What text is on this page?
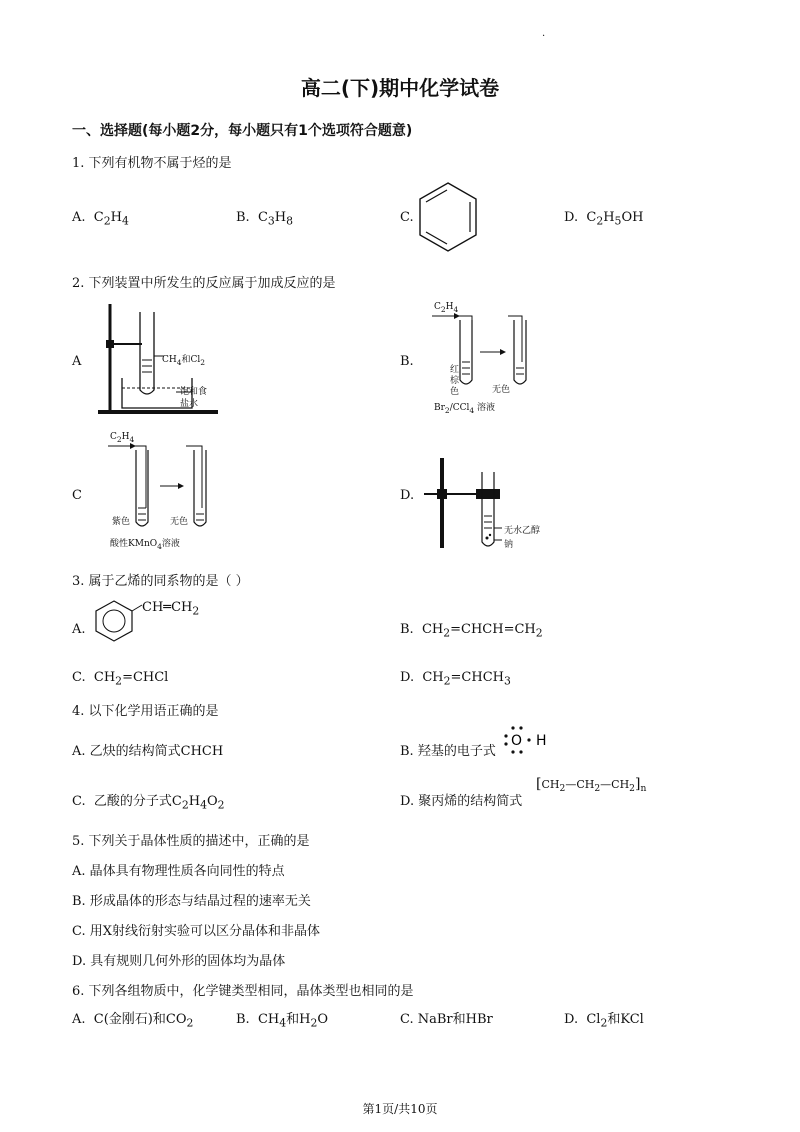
.
高二(下)期中化学试卷
一、选择题(每小题2分，每小题只有1个选项符合题意)
1. 下列有机物不属于烃的是
A.  $C_2H_4$	B.  $C_3H_8$	C.	D.  $C_2H_5OH$
2. 下列装置中所发生的反应属于加成反应的是
A	$CH_4$和$Cl_2$
饱和食
盐水
B.
$C_2H_4$
红
棕
色	无色
$Br_2/CCl_4$ 溶液
C
$C_2H_4$
紫色	无色
酸性KMnO$_4$溶液
D.
无水乙醇
钠
3. 属于乙烯的同系物的是（ ）
A.
$CH═CH_2$
B.  $CH_2=CHCH=CH_2$
C.  $CH_2=CHCl$	D.  $CH_2=CHCH_3$
4. 以下化学用语正确的是
A. 乙炔的结构简式CHCH	B. 羟基的电子式
O H
C.  乙酸的分子式$C_2H_4O_2$	D. 聚丙烯的结构简式
$[CH_2—CH_2—CH_2]_n$
5. 下列关于晶体性质的描述中，正确的是
A. 晶体具有物理性质各向同性的特点
B. 形成晶体的形态与结晶过程的速率无关
C. 用X射线衍射实验可以区分晶体和非晶体
D. 具有规则几何外形的固体均为晶体
6. 下列各组物质中，化学键类型相同，晶体类型也相同的是
A.  C(金刚石)和$CO_2$	B.  $CH_4$和$H_2O$	C. NaBr和HBr	D.  $Cl_2$和KCl
第1页/共10页
